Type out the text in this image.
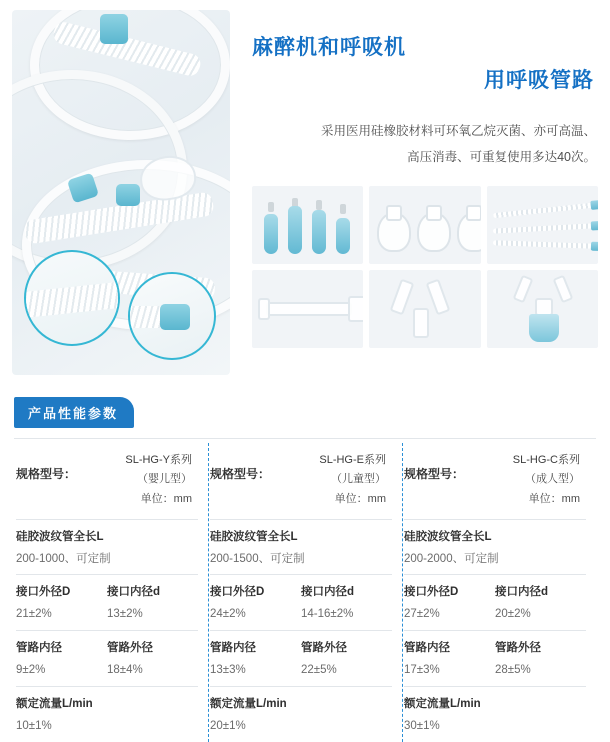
麻醉机和呼吸机
用呼吸管路
采用医用硅橡胶材料可环氧乙烷灭菌、亦可高温、
高压消毒、可重复使用多达40次。
产品性能参数
规格型号：
SL-HG-Y系列
（婴儿型）
单位：mm
硅胶波纹管全长L
200-1000、可定制
接口外径D
21±2%
接口内径d
13±2%
管路内径
9±2%
管路外径
18±4%
额定流量L/min
10±1%
规格型号：
SL-HG-E系列
（儿童型）
单位：mm
硅胶波纹管全长L
200-1500、可定制
接口外径D
24±2%
接口内径d
14-16±2%
管路内径
13±3%
管路外径
22±5%
额定流量L/min
20±1%
规格型号：
SL-HG-C系列
（成人型）
单位：mm
硅胶波纹管全长L
200-2000、可定制
接口外径D
27±2%
接口内径d
20±2%
管路内径
17±3%
管路外径
28±5%
额定流量L/min
30±1%
